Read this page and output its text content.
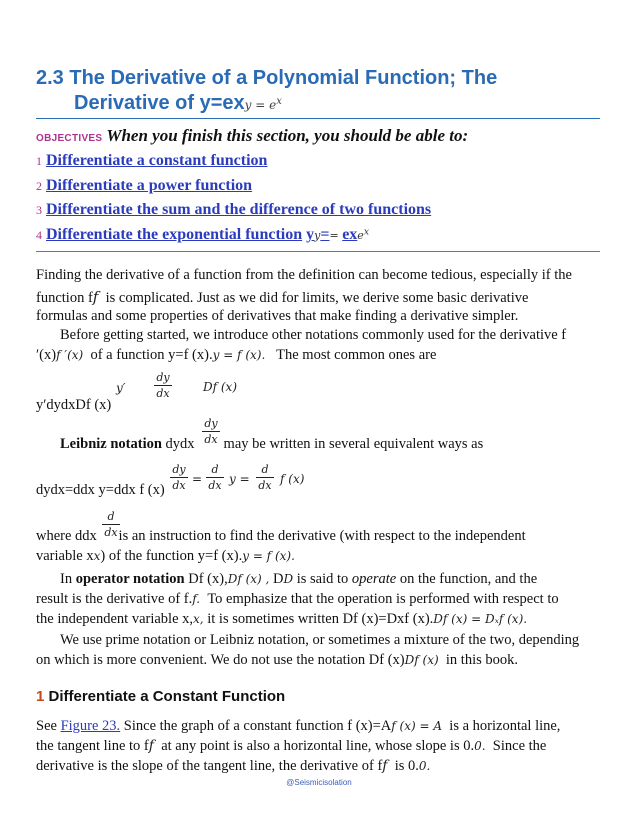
2.3 The Derivative of a Polynomial Function; The
Derivative of $y=exy = e^x$
OBJECTIVES When you finish this section, you should be able to:
1 Differentiate a constant function
2 Differentiate a power function
3 Differentiate the sum and the difference of two functions
4 Differentiate the exponential function yy== exe$^x$
Finding the derivative of a function from the definition can become tedious, especially if the
function ff is complicated. Just as we did for limits, we derive some basic derivative
formulas and some properties of derivatives that make finding a derivative simpler.
Before getting started, we introduce other notations commonly used for the derivative f
′(x)f ′(x) of a function y=f (x).y = f (x). The most common ones are
y′dydxDf (x)
y′
dy
dx	Df (x)
dy
dx
Leibniz notation dydx may be written in several equivalent ways as
dydx=ddx y=ddx f (x)
dy
dx =
d
dx y =
d
dx f (x)
d
dx
where ddx is an instruction to find the derivative (with respect to the independent
variable xx) of the function y=f (x).y = f (x).
In operator notation Df (x),Df (x) , DD is said to operate on the function, and the
result is the derivative of f.f. To emphasize that the operation is performed with respect to
the independent variable x,x, it is sometimes written Df (x)=Dxf (x).Df (x) = Dₓf (x).
We use prime notation or Leibniz notation, or sometimes a mixture of the two, depending
on which is more convenient. We do not use the notation Df (x)Df (x) in this book.
1 Differentiate a Constant Function
See Figure 23. Since the graph of a constant function f (x)=Af (x) = A is a horizontal line,
the tangent line to ff at any point is also a horizontal line, whose slope is 0.0. Since the
derivative is the slope of the tangent line, the derivative of ff is 0.0.
@Seismicisolation
